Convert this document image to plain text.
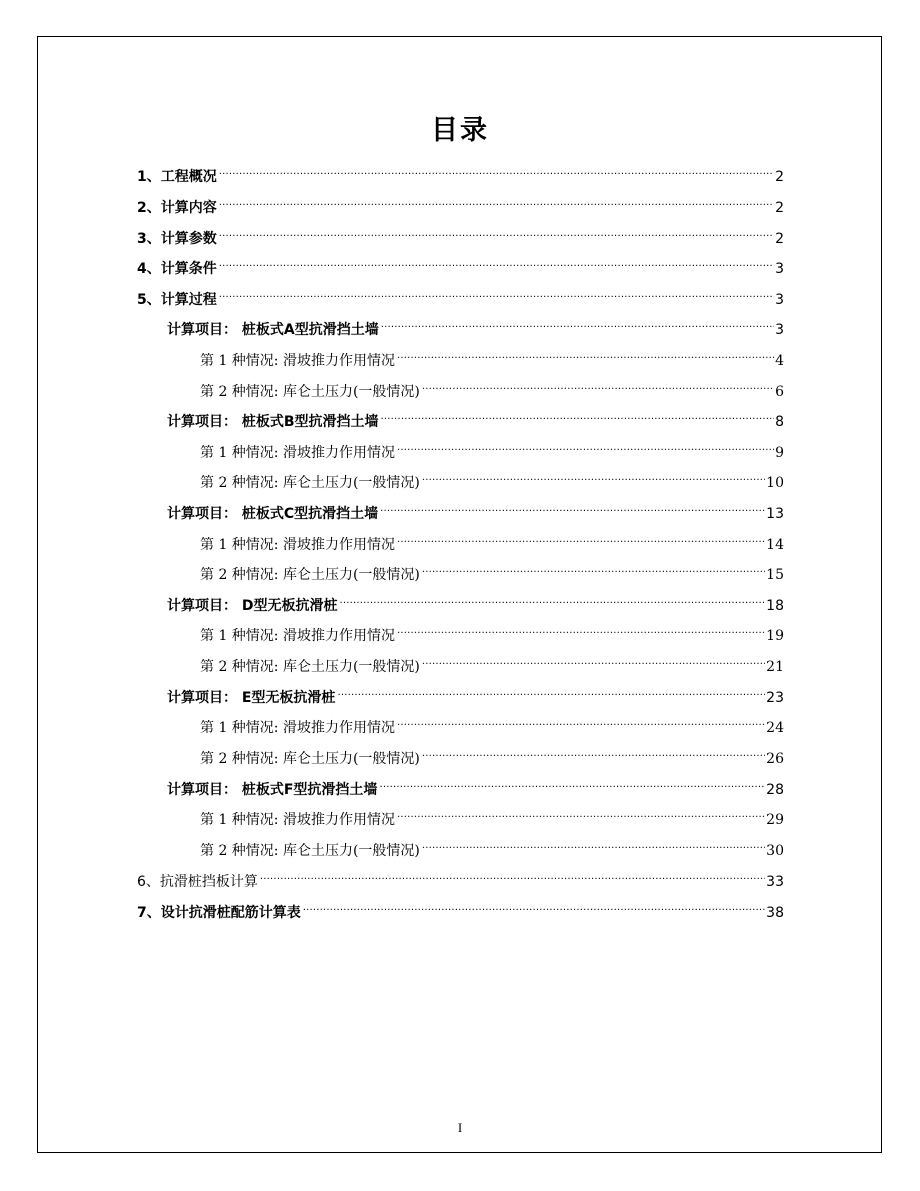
目录
1、工程概况 .....	2
2、计算内容 .....	2
3、计算参数 .....	2
4、计算条件 .....	3
5、计算过程 .....	3
计算项目： 桩板式A型抗滑挡土墙 .....	3
第 1 种情况: 滑坡推力作用情况 .....	4
第 2 种情况: 库仑土压力(一般情况) .....	6
计算项目： 桩板式B型抗滑挡土墙 .....	8
第 1 种情况: 滑坡推力作用情况 .....	9
第 2 种情况: 库仑土压力(一般情况) .....	10
计算项目： 桩板式C型抗滑挡土墙 .....	13
第 1 种情况: 滑坡推力作用情况 .....	14
第 2 种情况: 库仑土压力(一般情况) .....	15
计算项目： D型无板抗滑桩 .....	18
第 1 种情况: 滑坡推力作用情况 .....	19
第 2 种情况: 库仑土压力(一般情况) .....	21
计算项目： E型无板抗滑桩 .....	23
第 1 种情况: 滑坡推力作用情况 .....	24
第 2 种情况: 库仑土压力(一般情况) .....	26
计算项目： 桩板式F型抗滑挡土墙 .....	28
第 1 种情况: 滑坡推力作用情况 .....	29
第 2 种情况: 库仑土压力(一般情况) .....	30
6、抗滑桩挡板计算 .....	33
7、设计抗滑桩配筋计算表 .....	38
I
